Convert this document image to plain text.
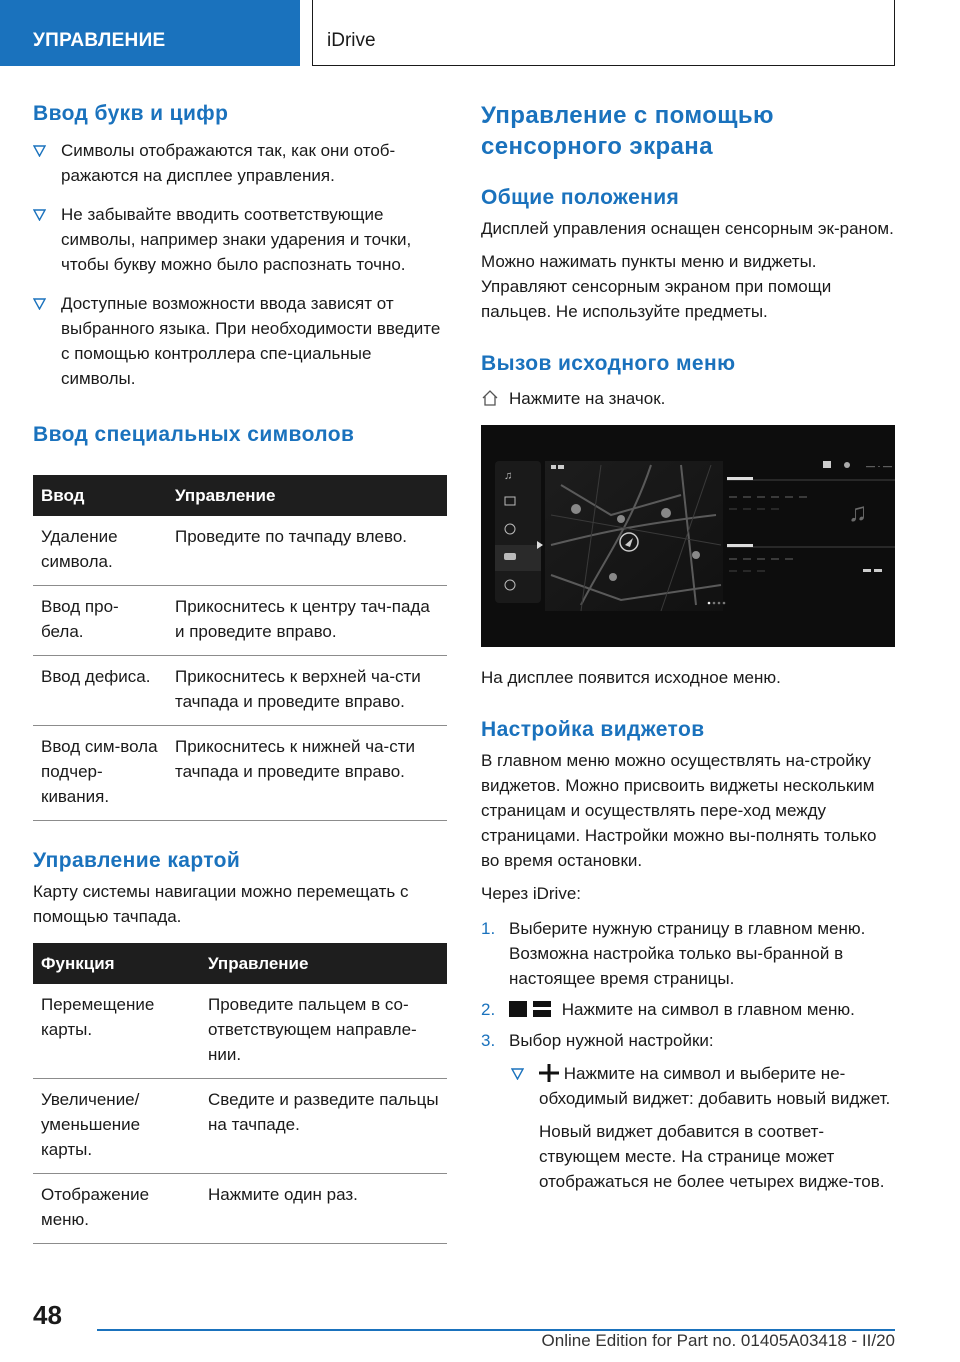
УПРАВЛЕНИЕ	iDrive
Ввод букв и цифр
Символы отображаются так, как они отоб-ражаются на дисплее управления.
Не забывайте вводить соответствующие символы, например знаки ударения и точки, чтобы букву можно было распознать точно.
Доступные возможности ввода зависят от выбранного языка. При необходимости введите с помощью контроллера спе-циальные символы.
Ввод специальных символов
Ввод	Управление
Удаление символа.	Проведите по тачпаду влево.
Ввод про-бела.	Прикоснитесь к центру тач-пада и проведите вправо.
Ввод дефиса.	Прикоснитесь к верхней ча-сти тачпада и проведите вправо.
Ввод сим-вола подчер-кивания.	Прикоснитесь к нижней ча-сти тачпада и проведите вправо.
Управление картой
Карту системы навигации можно перемещать с помощью тачпада.
Функция	Управление
Перемещение карты.	Проведите пальцем в со-ответствующем направле-нии.
Увеличение/ уменьшение карты.	Сведите и разведите пальцы на тачпаде.
Отображение меню.	Нажмите один раз.
Управление с помощью сенсорного экрана
Общие положения
Дисплей управления оснащен сенсорным эк-раном.
Можно нажимать пункты меню и виджеты. Управляют сенсорным экраном при помощи пальцев. Не используйте предметы.
Вызов исходного меню
Нажмите на значок.
♫
— · —
♫
На дисплее появится исходное меню.
Настройка виджетов
В главном меню можно осуществлять на-стройку виджетов. Можно присвоить виджеты нескольким страницам и осуществлять пере-ход между страницами. Настройки можно вы-полнять только во время остановки.
Через iDrive:
1. Выберите нужную страницу в главном меню. Возможна настройка только вы-бранной в настоящее время страницы.
2.	Нажмите на символ в главном меню.
3. Выбор нужной настройки:
Нажмите на символ и выберите не-обходимый виджет: добавить новый виджет.
Новый виджет добавится в соответ-ствующем месте. На странице может отображаться не более четырех видже-тов.
48
Online Edition for Part no. 01405A03418 - II/20
